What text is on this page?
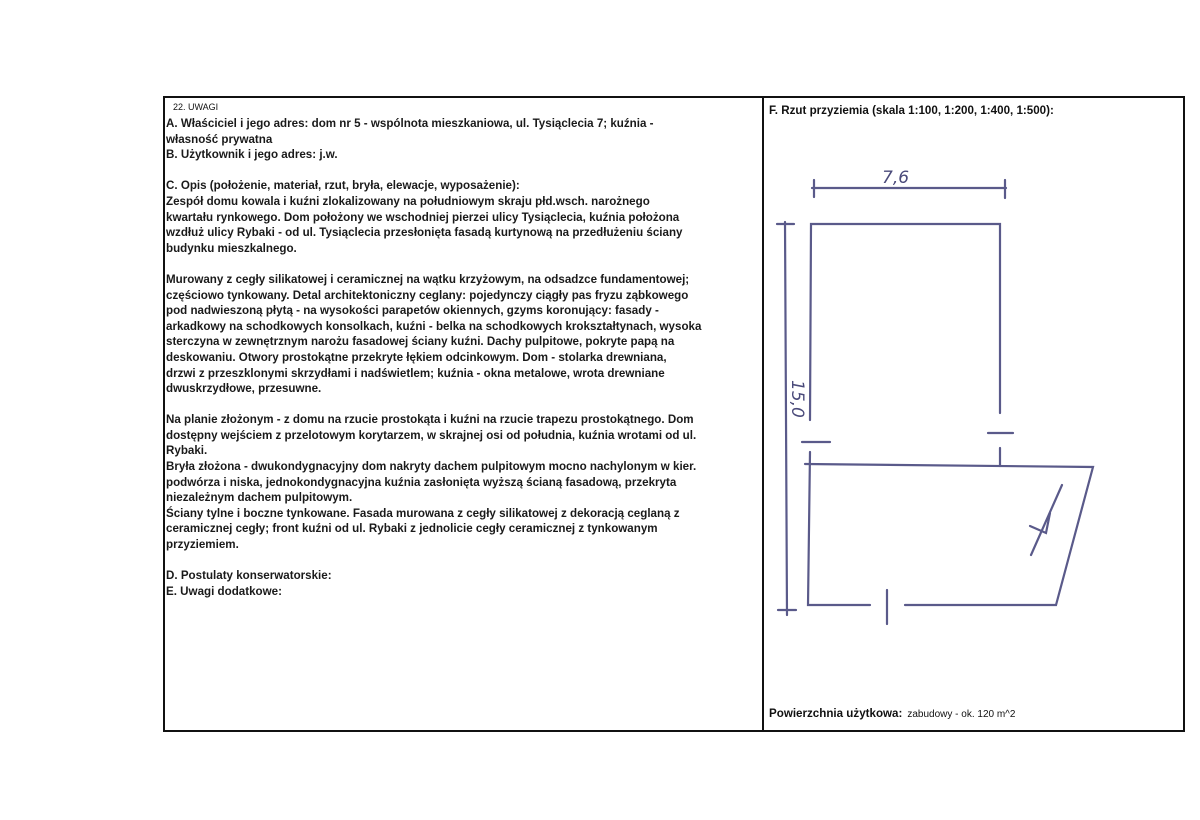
22. UWAGI

A. Właściciel i jego adres: dom nr 5 - wspólnota mieszkaniowa, ul. Tysiąclecia 7; kuźnia -

własność prywatna

B. Użytkownik i jego adres: j.w.

C. Opis (położenie, materiał, rzut, bryła, elewacje, wyposażenie):

Zespół domu kowala i kuźni zlokalizowany na południowym skraju płd.wsch. narożnego

kwartału rynkowego. Dom położony we wschodniej pierzei ulicy Tysiąclecia, kuźnia położona

wzdłuż ulicy Rybaki - od ul. Tysiąclecia przesłonięta fasadą kurtynową na przedłużeniu ściany

budynku mieszkalnego.

Murowany z cegły silikatowej i ceramicznej na wątku krzyżowym, na odsadzce fundamentowej;

częściowo tynkowany. Detal architektoniczny ceglany: pojedynczy ciągły pas fryzu ząbkowego

pod nadwieszoną płytą - na wysokości parapetów okiennych, gzyms koronujący: fasady -

arkadkowy na schodkowych konsolkach, kuźni - belka na schodkowych krokształtynach, wysoka

sterczyna w zewnętrznym narożu fasadowej ściany kuźni. Dachy pulpitowe, pokryte papą na

deskowaniu. Otwory prostokątne przekryte łękiem odcinkowym. Dom - stolarka drewniana,

drzwi z przeszklonymi skrzydłami i nadświetlem; kuźnia - okna metalowe, wrota drewniane

dwuskrzydłowe, przesuwne.

Na planie złożonym - z domu na rzucie prostokąta i kuźni na rzucie trapezu prostokątnego. Dom

dostępny wejściem z przelotowym korytarzem, w skrajnej osi od południa, kuźnia wrotami od ul.

Rybaki.

Bryła złożona - dwukondygnacyjny dom nakryty dachem pulpitowym mocno nachylonym w kier.

podwórza i niska, jednokondygnacyjna kuźnia zasłonięta wyższą ścianą fasadową, przekryta

niezależnym dachem pulpitowym.

Ściany tylne i boczne tynkowane. Fasada murowana z cegły silikatowej z dekoracją ceglaną z

ceramicznej cegły; front kuźni od ul. Rybaki z jednolicie cegły ceramicznej z tynkowanym

przyziemiem.

D. Postulaty konserwatorskie:

E. Uwagi dodatkowe:

F. Rzut przyziemia (skala 1:100, 1:200, 1:400, 1:500):
7,6
15,0
Powierzchnia użytkowa: zabudowy - ok. 120 m^2
